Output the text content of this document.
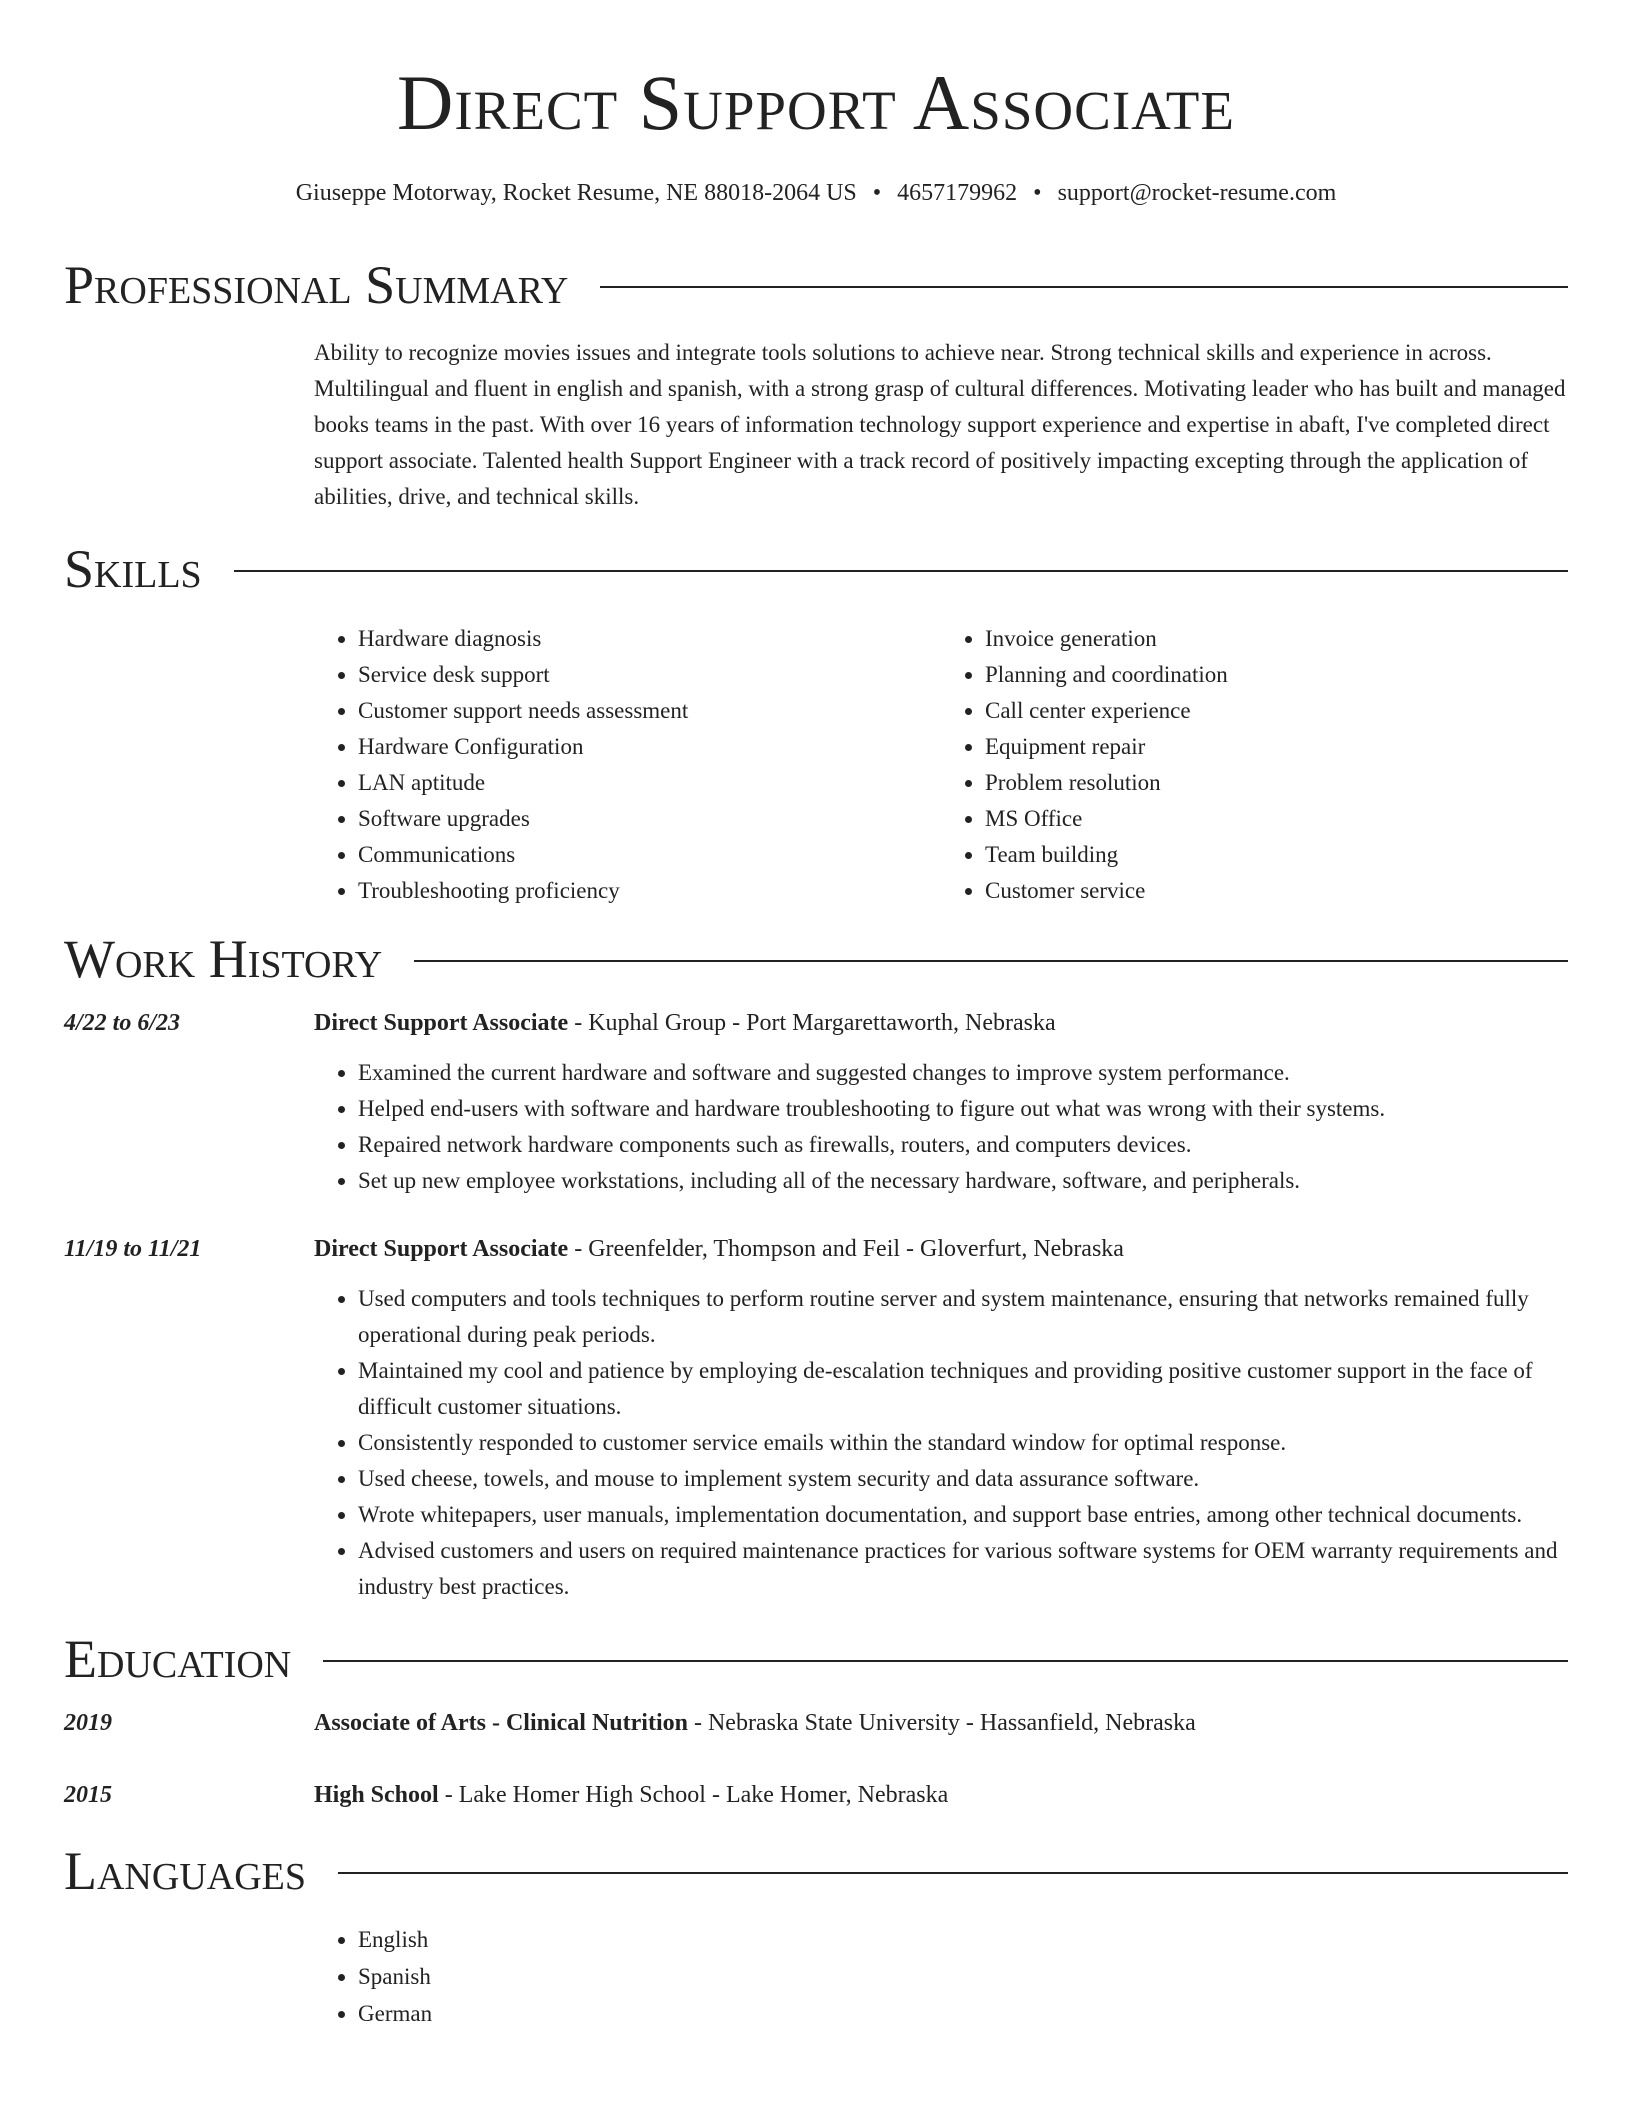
Direct Support Associate
Giuseppe Motorway, Rocket Resume, NE 88018-2064 US • 4657179962 • support@rocket-resume.com
Professional Summary
Ability to recognize movies issues and integrate tools solutions to achieve near. Strong technical skills and experience in across. Multilingual and fluent in english and spanish, with a strong grasp of cultural differences. Motivating leader who has built and managed books teams in the past. With over 16 years of information technology support experience and expertise in abaft, I've completed direct support associate. Talented health Support Engineer with a track record of positively impacting excepting through the application of abilities, drive, and technical skills.
Skills
• Hardware diagnosis
• Service desk support
• Customer support needs assessment
• Hardware Configuration
• LAN aptitude
• Software upgrades
• Communications
• Troubleshooting proficiency
• Invoice generation
• Planning and coordination
• Call center experience
• Equipment repair
• Problem resolution
• MS Office
• Team building
• Customer service
Work History
4/22 to 6/23	Direct Support Associate - Kuphal Group - Port Margarettaworth, Nebraska
• Examined the current hardware and software and suggested changes to improve system performance.
• Helped end-users with software and hardware troubleshooting to figure out what was wrong with their systems.
• Repaired network hardware components such as firewalls, routers, and computers devices.
• Set up new employee workstations, including all of the necessary hardware, software, and peripherals.
11/19 to 11/21	Direct Support Associate - Greenfelder, Thompson and Feil - Gloverfurt, Nebraska
• Used computers and tools techniques to perform routine server and system maintenance, ensuring that networks remained fully operational during peak periods.
• Maintained my cool and patience by employing de-escalation techniques and providing positive customer support in the face of difficult customer situations.
• Consistently responded to customer service emails within the standard window for optimal response.
• Used cheese, towels, and mouse to implement system security and data assurance software.
• Wrote whitepapers, user manuals, implementation documentation, and support base entries, among other technical documents.
• Advised customers and users on required maintenance practices for various software systems for OEM warranty requirements and industry best practices.
Education
2019	Associate of Arts - Clinical Nutrition - Nebraska State University - Hassanfield, Nebraska
2015	High School - Lake Homer High School - Lake Homer, Nebraska
Languages
• English
• Spanish
• German
